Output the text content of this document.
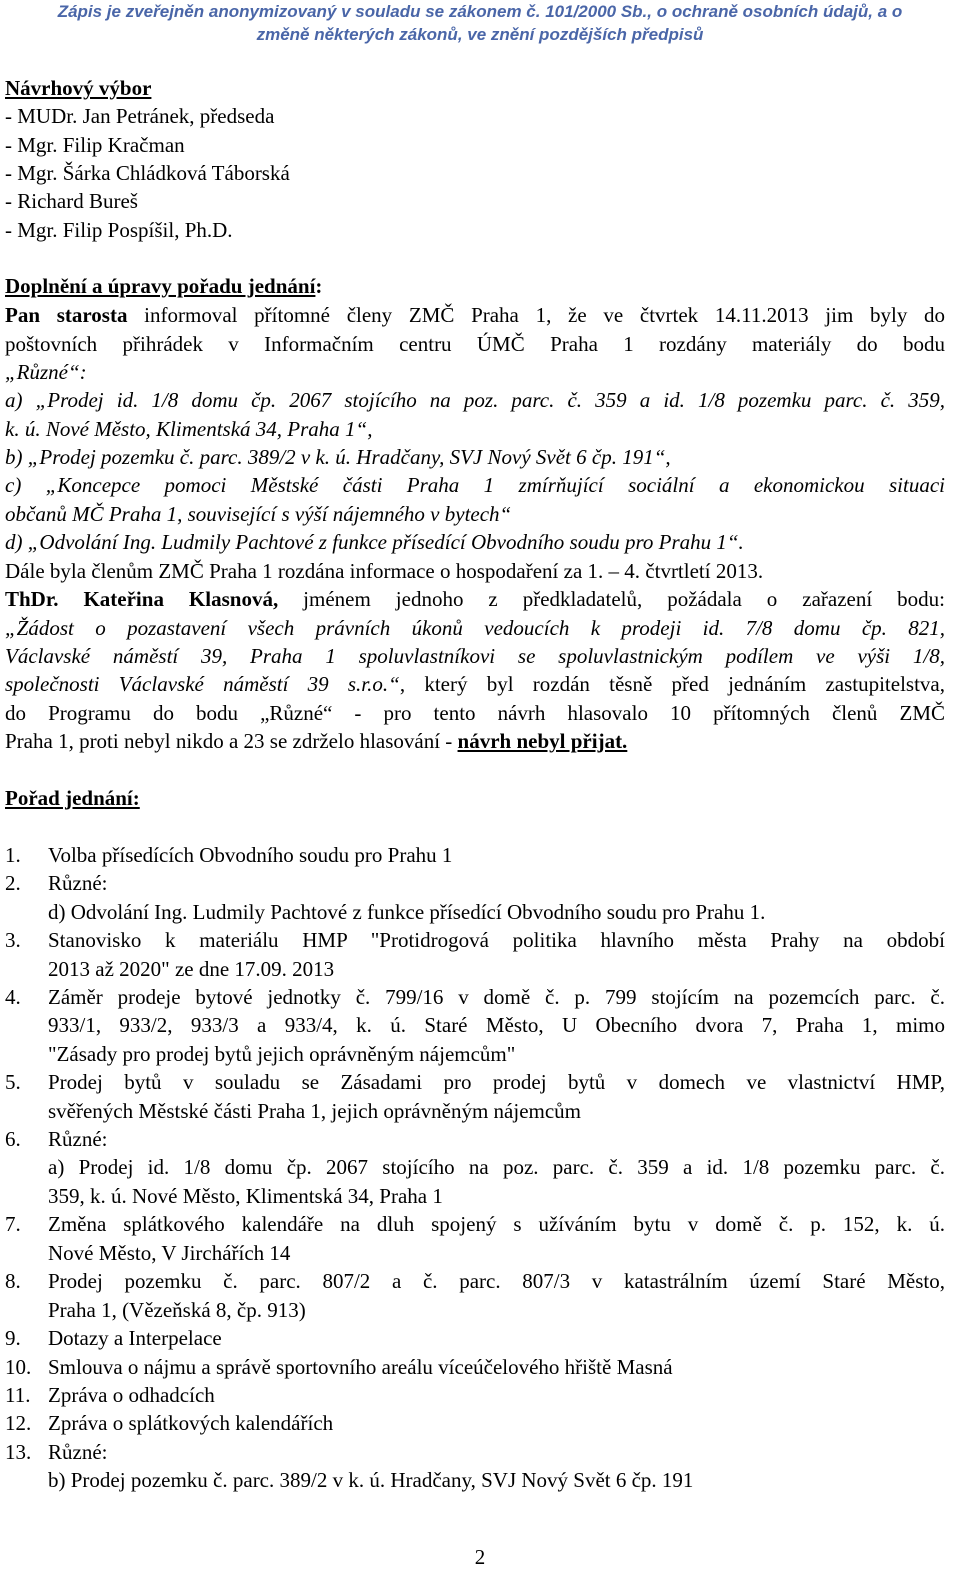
Zápis je zveřejněn anonymizovaný v souladu se zákonem č. 101/2000 Sb., o ochraně osobních údajů, a o
změně některých zákonů, ve znění pozdějších předpisů
Návrhový výbor
- MUDr. Jan Petránek, předseda
- Mgr. Filip Kračman
- Mgr. Šárka Chládková Táborská
- Richard Bureš
- Mgr. Filip Pospíšil, Ph.D.
Doplnění a úpravy pořadu jednání:
Pan starosta informoval přítomné členy ZMČ Praha 1, že ve čtvrtek 14.11.2013 jim byly do
poštovních přihrádek v Informačním centru ÚMČ Praha 1 rozdány materiály do bodu
„Různé“:
a) „Prodej id. 1/8 domu čp. 2067 stojícího na poz. parc. č. 359 a id. 1/8 pozemku parc. č. 359,
k. ú. Nové Město, Klimentská 34, Praha 1“,
b) „Prodej pozemku č. parc. 389/2 v k. ú. Hradčany, SVJ Nový Svět 6 čp. 191“,
c) „Koncepce pomoci Městské části Praha 1 zmírňující sociální a ekonomickou situaci
občanů MČ Praha 1, související s výší nájemného v bytech“
d) „Odvolání Ing. Ludmily Pachtové z funkce přísedící Obvodního soudu pro Prahu 1“.
Dále byla členům ZMČ Praha 1 rozdána informace o hospodaření za 1. – 4. čtvrtletí 2013.
ThDr. Kateřina Klasnová, jménem jednoho z předkladatelů, požádala o zařazení bodu:
„Žádost o pozastavení všech právních úkonů vedoucích k prodeji id. 7/8 domu čp. 821,
Václavské náměstí 39, Praha 1 spoluvlastníkovi se spoluvlastnickým podílem ve výši 1/8,
společnosti Václavské náměstí 39 s.r.o.“, který byl rozdán těsně před jednáním zastupitelstva,
do Programu do bodu „Různé“ - pro tento návrh hlasovalo 10 přítomných členů ZMČ
Praha 1, proti nebyl nikdo a 23 se zdrželo hlasování - návrh nebyl přijat.
Pořad jednání:
1. Volba přísedících Obvodního soudu pro Prahu 1
2. Různé:
d) Odvolání Ing. Ludmily Pachtové z funkce přísedící Obvodního soudu pro Prahu 1.
3. Stanovisko k materiálu HMP "Protidrogová politika hlavního města Prahy na období
2013 až 2020" ze dne 17.09. 2013
4. Záměr prodeje bytové jednotky č. 799/16 v domě č. p. 799 stojícím na pozemcích parc. č.
933/1, 933/2, 933/3 a 933/4, k. ú. Staré Město, U Obecního dvora 7, Praha 1, mimo
"Zásady pro prodej bytů jejich oprávněným nájemcům"
5. Prodej bytů v souladu se Zásadami pro prodej bytů v domech ve vlastnictví HMP,
svěřených Městské části Praha 1, jejich oprávněným nájemcům
6. Různé:
a) Prodej id. 1/8 domu čp. 2067 stojícího na poz. parc. č. 359 a id. 1/8 pozemku parc. č.
359, k. ú. Nové Město, Klimentská 34, Praha 1
7. Změna splátkového kalendáře na dluh spojený s užíváním bytu v domě č. p. 152, k. ú.
Nové Město, V Jirchářích 14
8. Prodej pozemku č. parc. 807/2 a č. parc. 807/3 v katastrálním území Staré Město,
Praha 1, (Vězeňská 8, čp. 913)
9. Dotazy a Interpelace
10. Smlouva o nájmu a správě sportovního areálu víceúčelového hřiště Masná
11. Zpráva o odhadcích
12. Zpráva o splátkových kalendářích
13. Různé:
b) Prodej pozemku č. parc. 389/2 v k. ú. Hradčany, SVJ Nový Svět 6 čp. 191
2
